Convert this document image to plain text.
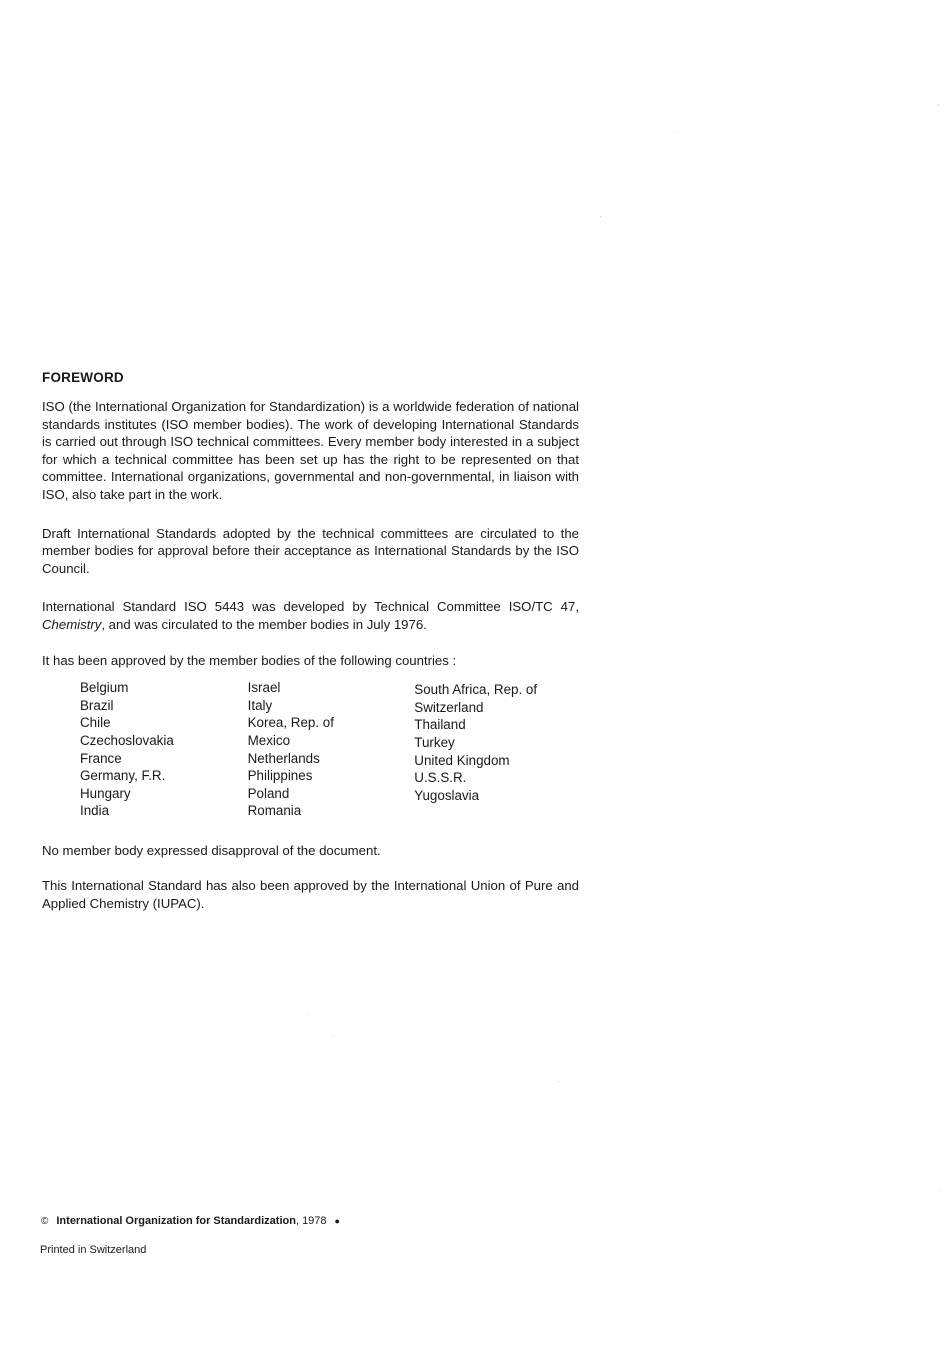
FOREWORD

ISO (the International Organization for Standardization) is a worldwide federation of national standards institutes (ISO member bodies). The work of developing International Standards is carried out through ISO technical committees. Every member body interested in a subject for which a technical committee has been set up has the right to be represented on that committee. International organizations, governmental and non-governmental, in liaison with ISO, also take part in the work.

Draft International Standards adopted by the technical committees are circulated to the member bodies for approval before their acceptance as International Standards by the ISO Council.

International Standard ISO 5443 was developed by Technical Committee ISO/TC 47, Chemistry, and was circulated to the member bodies in July 1976.

It has been approved by the member bodies of the following countries :

Belgium
Brazil
Chile
Czechoslovakia
France
Germany, F.R.
Hungary
India
Israel
Italy
Korea, Rep. of
Mexico
Netherlands
Philippines
Poland
Romania
South Africa, Rep. of
Switzerland
Thailand
Turkey
United Kingdom
U.S.S.R.
Yugoslavia

No member body expressed disapproval of the document.

This International Standard has also been approved by the International Union of Pure and Applied Chemistry (IUPAC).

© International Organization for Standardization, 1978 ●
Printed in Switzerland
